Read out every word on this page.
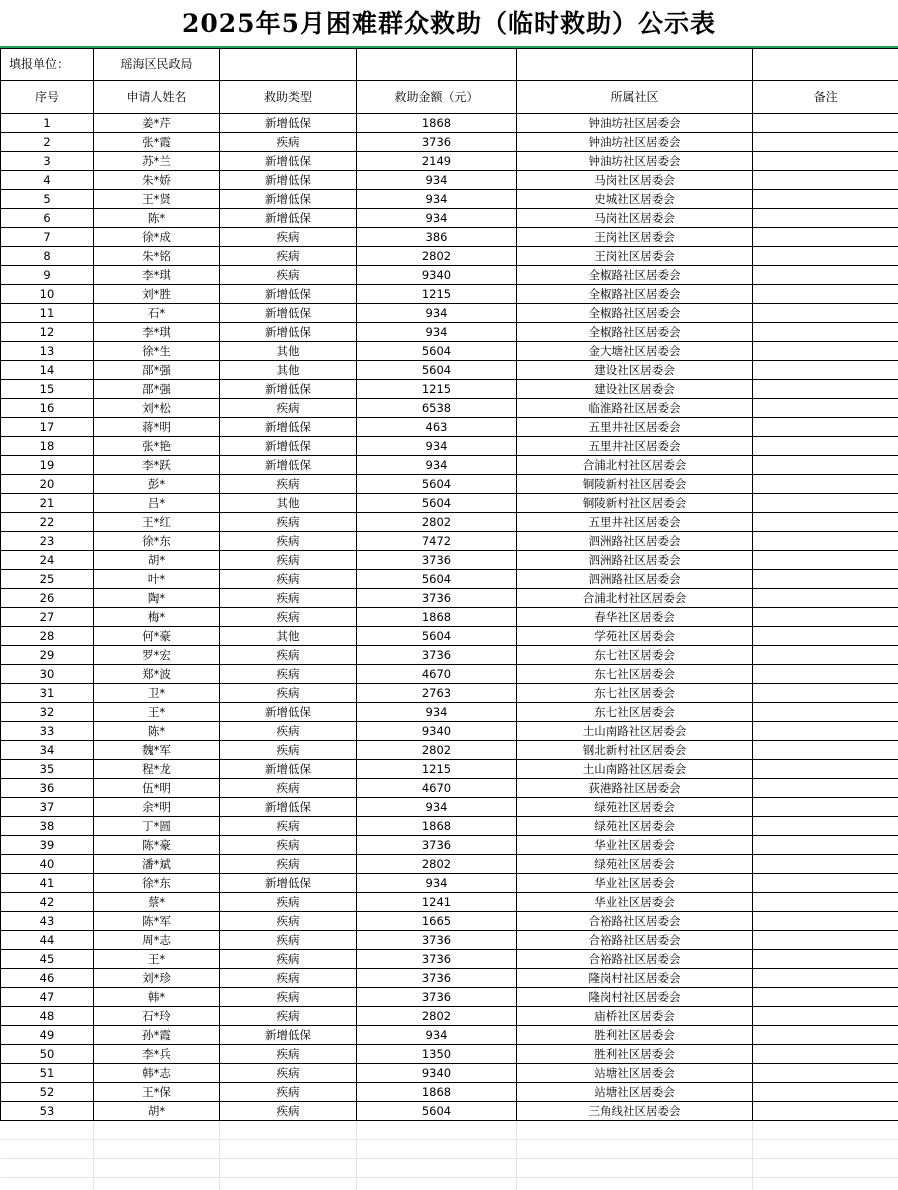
2025年5月困难群众救助（临时救助）公示表
填报单位：	瑶海区民政局				
序号	申请人姓名	救助类型	救助金额（元）	所属社区	备注
1	姜*芹	新增低保	1868	钟油坊社区居委会	
2	张*霞	疾病	3736	钟油坊社区居委会	
3	苏*兰	新增低保	2149	钟油坊社区居委会	
4	朱*娇	新增低保	934	马岗社区居委会	
5	王*贤	新增低保	934	史城社区居委会	
6	陈*	新增低保	934	马岗社区居委会	
7	徐*成	疾病	386	王岗社区居委会	
8	朱*铭	疾病	2802	王岗社区居委会	
9	李*琪	疾病	9340	全椒路社区居委会	
10	刘*胜	新增低保	1215	全椒路社区居委会	
11	石*	新增低保	934	全椒路社区居委会	
12	李*琪	新增低保	934	全椒路社区居委会	
13	徐*生	其他	5604	金大塘社区居委会	
14	邵*强	其他	5604	建设社区居委会	
15	邵*强	新增低保	1215	建设社区居委会	
16	刘*松	疾病	6538	临淮路社区居委会	
17	蒋*明	新增低保	463	五里井社区居委会	
18	张*艳	新增低保	934	五里井社区居委会	
19	李*跃	新增低保	934	合浦北村社区居委会	
20	彭*	疾病	5604	铜陵新村社区居委会	
21	吕*	其他	5604	铜陵新村社区居委会	
22	王*红	疾病	2802	五里井社区居委会	
23	徐*东	疾病	7472	泗洲路社区居委会	
24	胡*	疾病	3736	泗洲路社区居委会	
25	叶*	疾病	5604	泗洲路社区居委会	
26	陶*	疾病	3736	合浦北村社区居委会	
27	梅*	疾病	1868	春华社区居委会	
28	何*豪	其他	5604	学苑社区居委会	
29	罗*宏	疾病	3736	东七社区居委会	
30	郑*波	疾病	4670	东七社区居委会	
31	卫*	疾病	2763	东七社区居委会	
32	王*	新增低保	934	东七社区居委会	
33	陈*	疾病	9340	土山南路社区居委会	
34	魏*军	疾病	2802	钢北新村社区居委会	
35	程*龙	新增低保	1215	土山南路社区居委会	
36	伍*明	疾病	4670	荻港路社区居委会	
37	余*明	新增低保	934	绿苑社区居委会	
38	丁*圆	疾病	1868	绿苑社区居委会	
39	陈*豪	疾病	3736	华业社区居委会	
40	潘*斌	疾病	2802	绿苑社区居委会	
41	徐*东	新增低保	934	华业社区居委会	
42	蔡*	疾病	1241	华业社区居委会	
43	陈*军	疾病	1665	合裕路社区居委会	
44	周*志	疾病	3736	合裕路社区居委会	
45	王*	疾病	3736	合裕路社区居委会	
46	刘*珍	疾病	3736	隆岗村社区居委会	
47	韩*	疾病	3736	隆岗村社区居委会	
48	石*玲	疾病	2802	庙桥社区居委会	
49	孙*霞	新增低保	934	胜利社区居委会	
50	李*兵	疾病	1350	胜利社区居委会	
51	韩*志	疾病	9340	站塘社区居委会	
52	王*保	疾病	1868	站塘社区居委会	
53	胡*	疾病	5604	三角线社区居委会	
